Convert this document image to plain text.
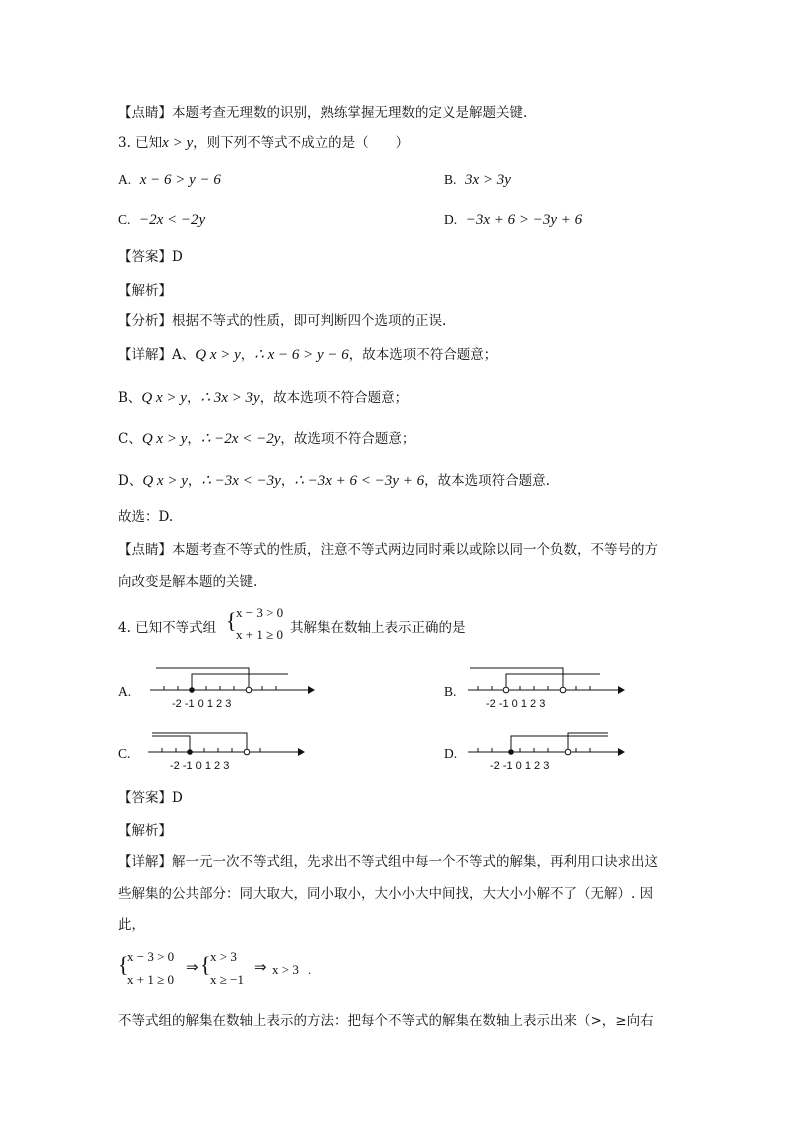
【点睛】本题考查无理数的识别，熟练掌握无理数的定义是解题关键.
3. 已知x > y，则下列不等式不成立的是（　　）
A. x − 6 > y − 6	B. 3x > 3y
C. −2x < −2y	D. −3x + 6 > −3y + 6
【答案】D
【解析】
【分析】根据不等式的性质，即可判断四个选项的正误.
【详解】A、Q x > y，∴ x − 6 > y − 6，故本选项不符合题意；
B、Q x > y，∴ 3x > 3y，故本选项不符合题意；
C、Q x > y，∴ −2x < −2y，故选项不符合题意；
D、Q x > y，∴ −3x < −3y，∴ −3x + 6 < −3y + 6，故本选项符合题意.
故选：D.
【点睛】本题考查不等式的性质，注意不等式两边同时乘以或除以同一个负数，不等号的方
向改变是解本题的关键.
4. 已知不等式组 { x − 3 > 0
x + 1 ≥ 0 其解集在数轴上表示正确的是
A.
-2 -1 0 1 2 3
B.
-2 -1 0 1 2 3
C.
-2 -1 0 1 2 3
D.
-2 -1 0 1 2 3
【答案】D
【解析】
【详解】解一元一次不等式组，先求出不等式组中每一个不等式的解集，再利用口诀求出这
些解集的公共部分：同大取大，同小取小，大小小大中间找，大大小小解不了（无解）. 因
此，
{
x − 3 > 0
x + 1 ≥ 0
⇒ { x > 3
x ≥ −1
⇒ x > 3 .
不等式组的解集在数轴上表示的方法：把每个不等式的解集在数轴上表示出来（>，≥向右
